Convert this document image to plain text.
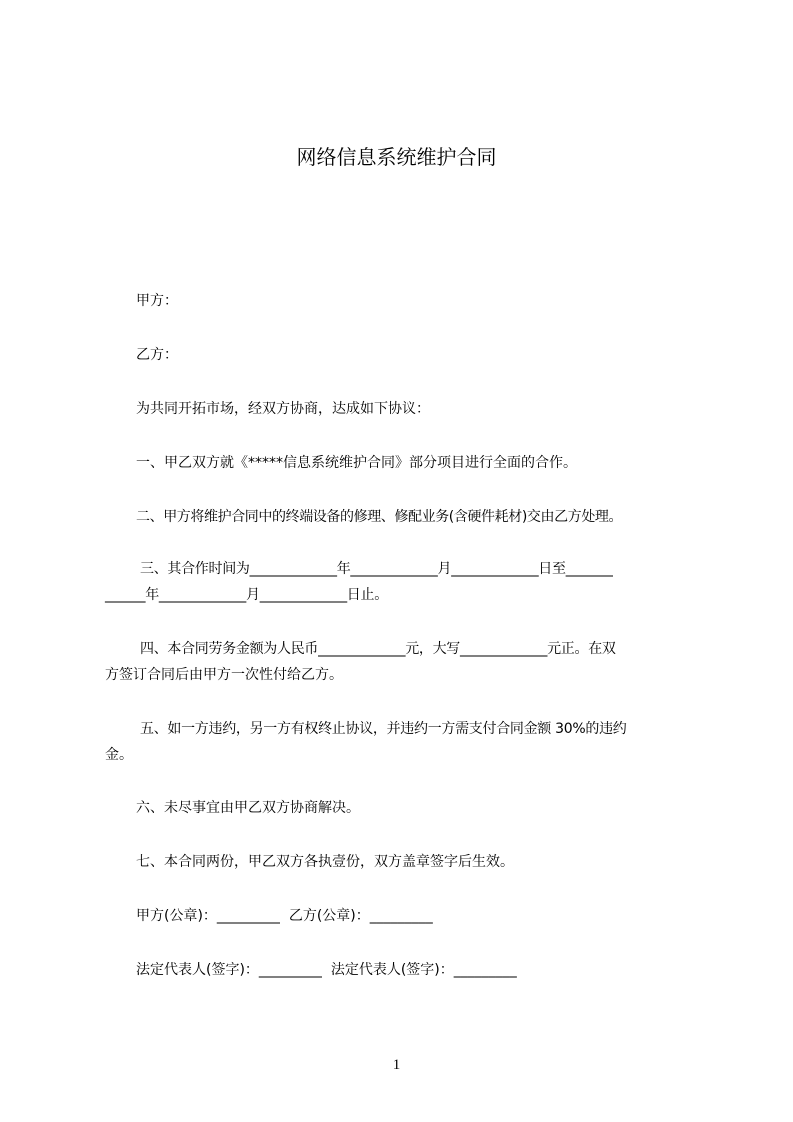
网络信息系统维护合同
甲方：
乙方：
为共同开拓市场，经双方协商，达成如下协议：
一、甲乙双方就《*****信息系统维护合同》部分项目进行全面的合作。
二、甲方将维护合同中的终端设备的修理、修配业务(含硬件耗材)交由乙方处理。
三、其合作时间为_____________年_____________月_____________日至_______
______年_____________月_____________日止。
四、本合同劳务金额为人民币_____________元，大写_____________元正。在双
方签订合同后由甲方一次性付给乙方。
五、如一方违约，另一方有权终止协议，并违约一方需支付合同金额 30%的违约
金。
六、未尽事宜由甲乙双方协商解决。
七、本合同两份，甲乙双方各执壹份，双方盖章签字后生效。
甲方(公章)：_________  乙方(公章)：_________
法定代表人(签字)：_________  法定代表人(签字)：_________
1
